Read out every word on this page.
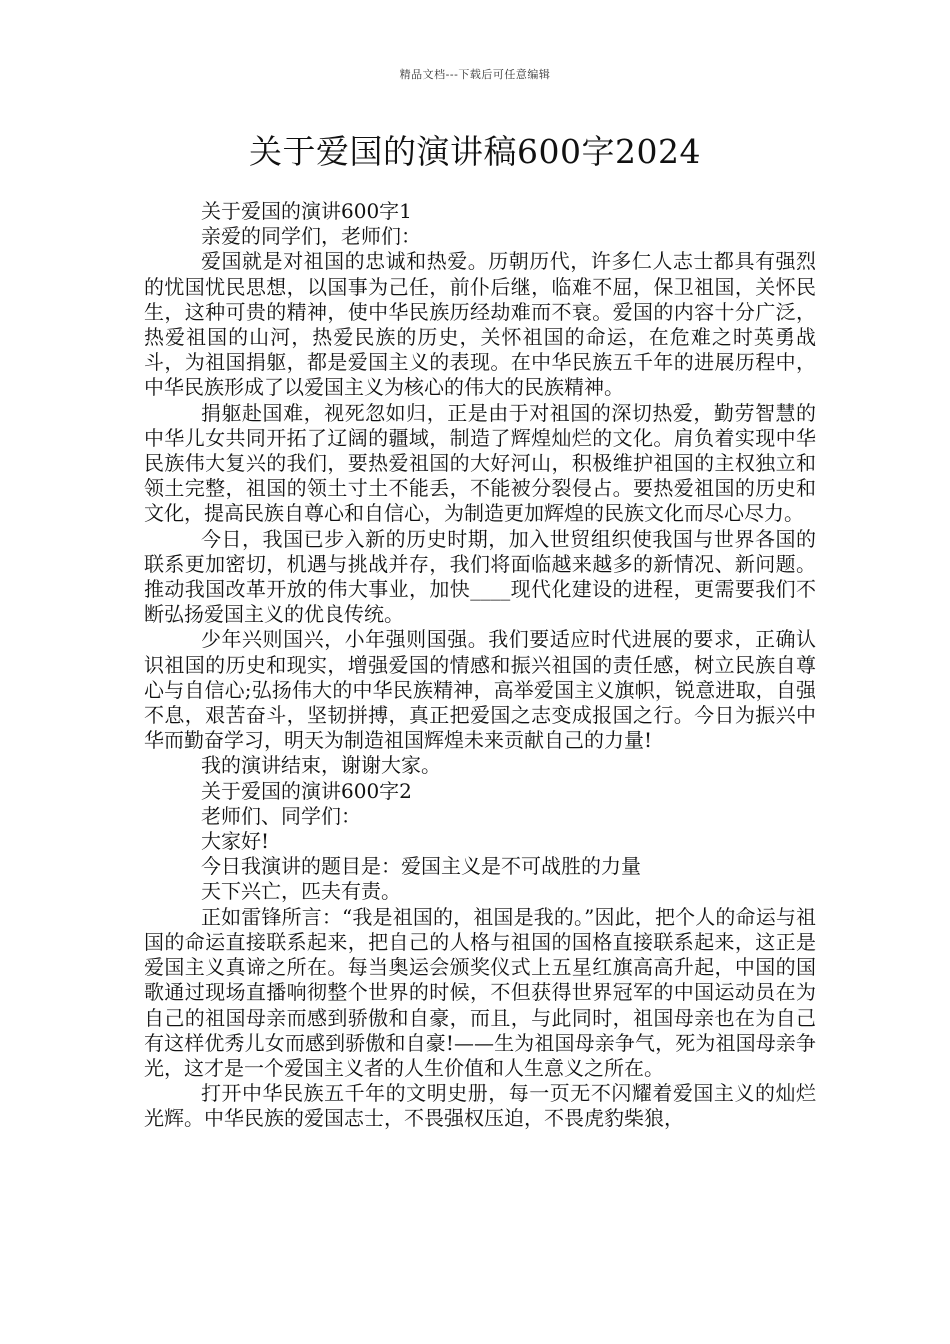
精品文档---下载后可任意编辑
关于爱国的演讲稿600字2024

关于爱国的演讲600字1

亲爱的同学们，老师们：

爱国就是对祖国的忠诚和热爱。历朝历代，许多仁人志士都具有强烈的忧国忧民思想，以国事为己任，前仆后继，临难不屈，保卫祖国，关怀民生，这种可贵的精神，使中华民族历经劫难而不衰。爱国的内容十分广泛，热爱祖国的山河，热爱民族的历史，关怀祖国的命运，在危难之时英勇战斗，为祖国捐躯，都是爱国主义的表现。在中华民族五千年的进展历程中，中华民族形成了以爱国主义为核心的伟大的民族精神。

捐躯赴国难，视死忽如归，正是由于对祖国的深切热爱，勤劳智慧的中华儿女共同开拓了辽阔的疆域，制造了辉煌灿烂的文化。肩负着实现中华民族伟大复兴的我们，要热爱祖国的大好河山，积极维护祖国的主权独立和领土完整，祖国的领土寸土不能丢，不能被分裂侵占。要热爱祖国的历史和文化，提高民族自尊心和自信心，为制造更加辉煌的民族文化而尽心尽力。

今日，我国已步入新的历史时期，加入世贸组织使我国与世界各国的联系更加密切，机遇与挑战并存，我们将面临越来越多的新情况、新问题。推动我国改革开放的伟大事业，加快____现代化建设的进程，更需要我们不断弘扬爱国主义的优良传统。

少年兴则国兴，小年强则国强。我们要适应时代进展的要求，正确认识祖国的历史和现实，增强爱国的情感和振兴祖国的责任感，树立民族自尊心与自信心;弘扬伟大的中华民族精神，高举爱国主义旗帜，锐意进取，自强不息，艰苦奋斗，坚韧拼搏，真正把爱国之志变成报国之行。今日为振兴中华而勤奋学习，明天为制造祖国辉煌未来贡献自己的力量!

我的演讲结束，谢谢大家。

关于爱国的演讲600字2

老师们、同学们：

大家好!

今日我演讲的题目是：爱国主义是不可战胜的力量

天下兴亡，匹夫有责。

正如雷锋所言：“我是祖国的，祖国是我的。”因此，把个人的命运与祖国的命运直接联系起来，把自己的人格与祖国的国格直接联系起来，这正是爱国主义真谛之所在。每当奥运会颁奖仪式上五星红旗高高升起，中国的国歌通过现场直播响彻整个世界的时候，不但获得世界冠军的中国运动员在为自己的祖国母亲而感到骄傲和自豪，而且，与此同时，祖国母亲也在为自己有这样优秀儿女而感到骄傲和自豪!——生为祖国母亲争气，死为祖国母亲争光，这才是一个爱国主义者的人生价值和人生意义之所在。

打开中华民族五千年的文明史册，每一页无不闪耀着爱国主义的灿烂光辉。中华民族的爱国志士，不畏强权压迫，不畏虎豹柴狼，
